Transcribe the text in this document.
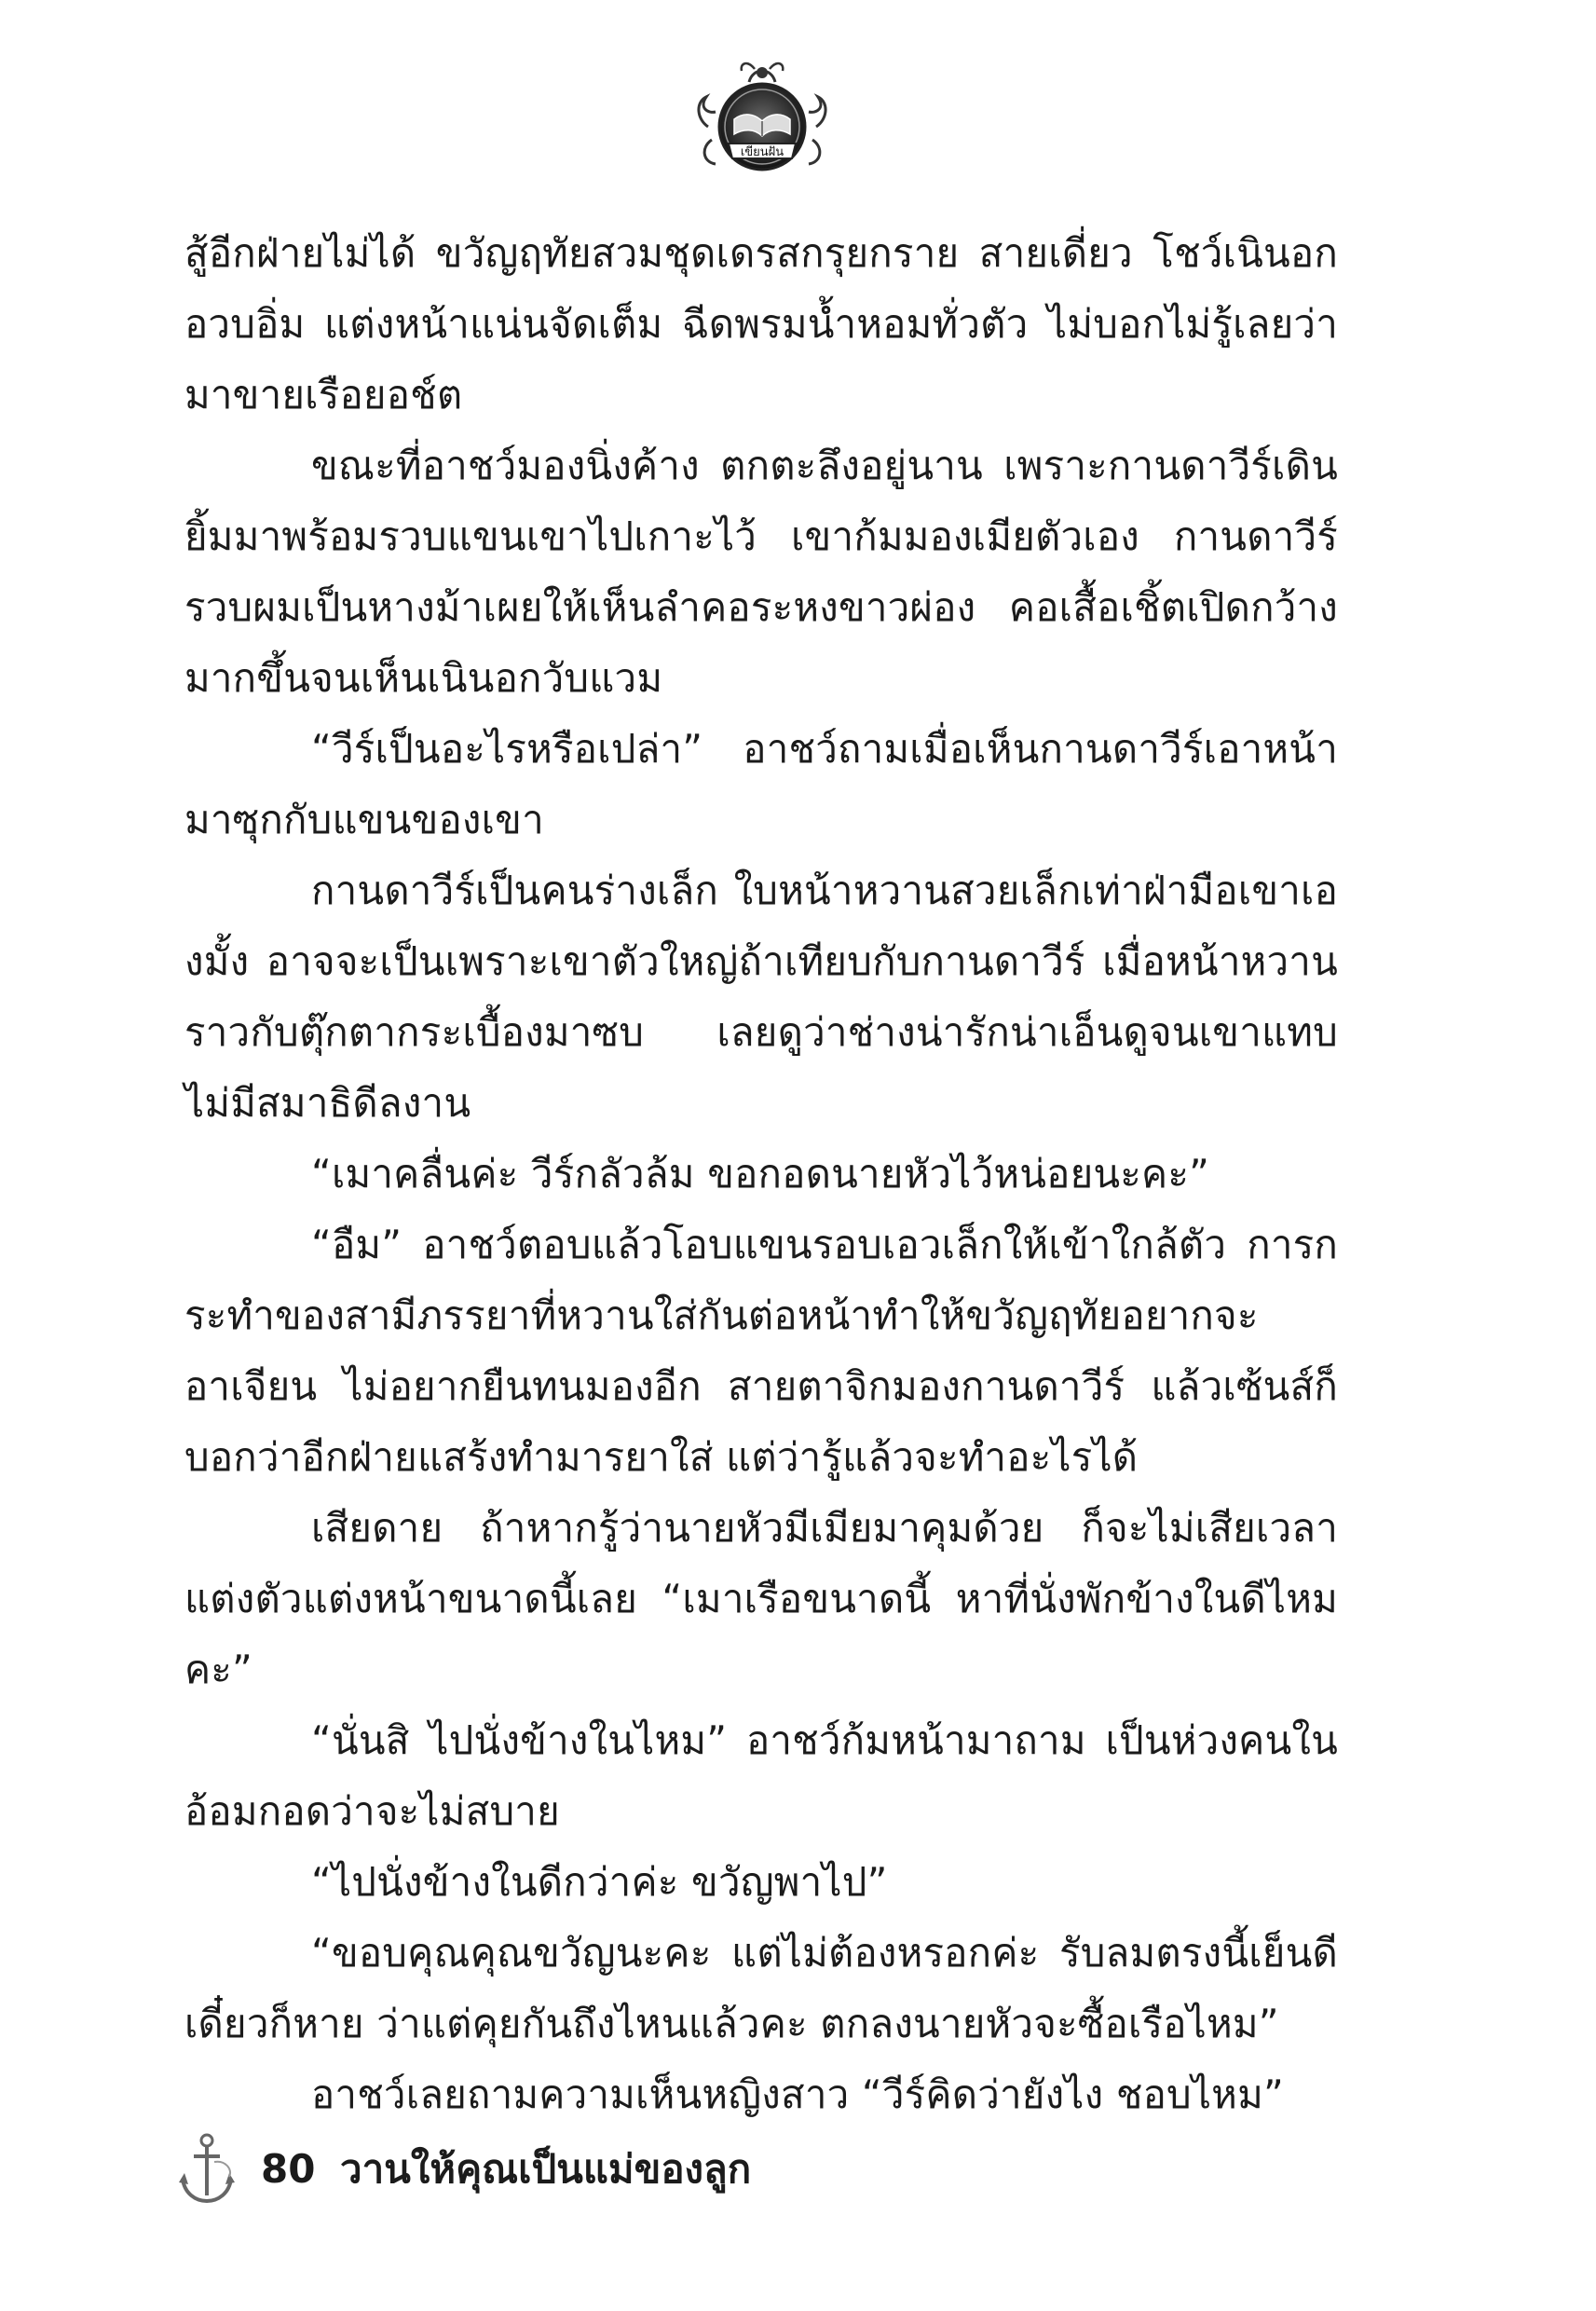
เขียนฝัน

สู้อีกฝ่ายไม่ได้ ขวัญฤทัยสวมชุดเดรสกรุยกราย สายเดี่ยว โชว์เนินอก อวบอิ่ม แต่งหน้าแน่นจัดเต็ม ฉีดพรมน้ำหอมทั่วตัว ไม่บอกไม่รู้เลยว่ามาขายเรือยอช์ต

ขณะที่อาชว์มองนิ่งค้าง ตกตะลึงอยู่นาน เพราะกานดาวีร์เดินยิ้มมาพร้อมรวบแขนเขาไปเกาะไว้ เขาก้มมองเมียตัวเอง กานดาวีร์รวบผมเป็นหางม้าเผยให้เห็นลำคอระหงขาวผ่อง คอเสื้อเชิ้ตเปิดกว้างมากขึ้นจนเห็นเนินอกวับแวม

“วีร์เป็นอะไรหรือเปล่า” อาชว์ถามเมื่อเห็นกานดาวีร์เอาหน้ามาซุกกับแขนของเขา

กานดาวีร์เป็นคนร่างเล็ก ใบหน้าหวานสวยเล็กเท่าฝ่ามือเขาเองมั้ง อาจจะเป็นเพราะเขาตัวใหญ่ถ้าเทียบกับกานดาวีร์ เมื่อหน้าหวานราวกับตุ๊กตากระเบื้องมาซบ เลยดูว่าช่างน่ารักน่าเอ็นดูจนเขาแทบไม่มีสมาธิดีลงาน

“เมาคลื่นค่ะ วีร์กลัวล้ม ขอกอดนายหัวไว้หน่อยนะคะ”

“อืม” อาชว์ตอบแล้วโอบแขนรอบเอวเล็กให้เข้าใกล้ตัว การกระทำของสามีภรรยาที่หวานใส่กันต่อหน้าทำให้ขวัญฤทัยอยากจะอาเจียน ไม่อยากยืนทนมองอีก สายตาจิกมองกานดาวีร์ แล้วเซ้นส์ก็บอกว่าอีกฝ่ายแสร้งทำมารยาใส่ แต่ว่ารู้แล้วจะทำอะไรได้

เสียดาย ถ้าหากรู้ว่านายหัวมีเมียมาคุมด้วย ก็จะไม่เสียเวลาแต่งตัวแต่งหน้าขนาดนี้เลย “เมาเรือขนาดนี้ หาที่นั่งพักข้างในดีไหมคะ”

“นั่นสิ ไปนั่งข้างในไหม” อาชว์ก้มหน้ามาถาม เป็นห่วงคนในอ้อมกอดว่าจะไม่สบาย

“ไปนั่งข้างในดีกว่าค่ะ ขวัญพาไป”

“ขอบคุณคุณขวัญนะคะ แต่ไม่ต้องหรอกค่ะ รับลมตรงนี้เย็นดี เดี๋ยวก็หาย ว่าแต่คุยกันถึงไหนแล้วคะ ตกลงนายหัวจะซื้อเรือไหม”

อาชว์เลยถามความเห็นหญิงสาว “วีร์คิดว่ายังไง ชอบไหม”

80 วานให้คุณเป็นแม่ของลูก
